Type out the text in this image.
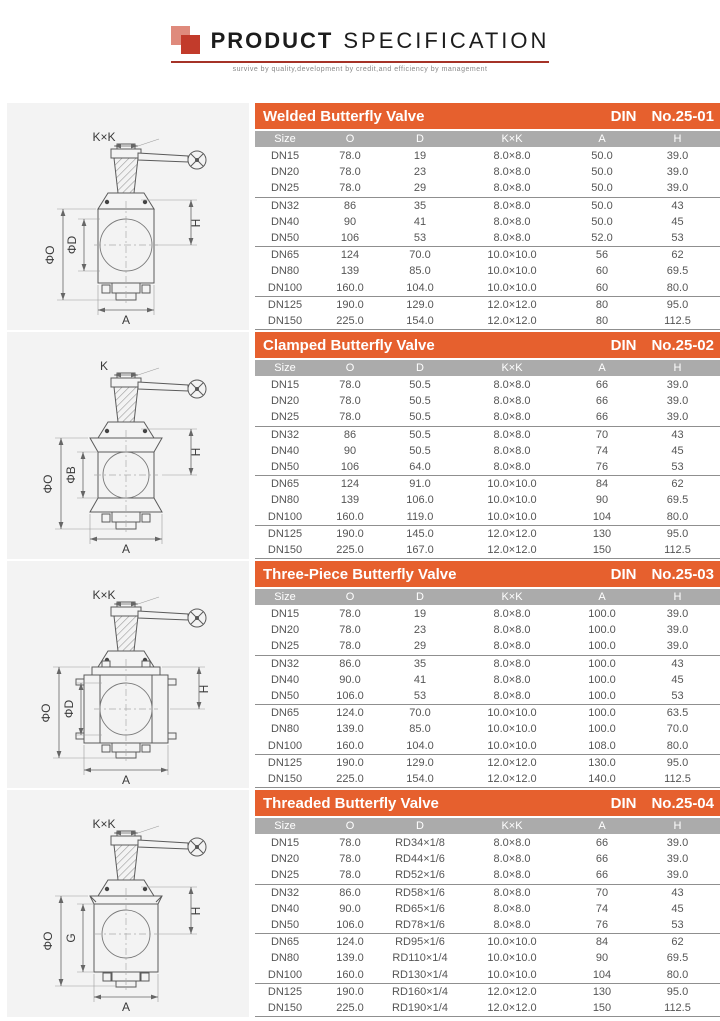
PRODUCT SPECIFICATION
survive by quality,development by credit,and efficiency by management
K×K
H
ΦO
ΦD
A
Welded Butterfly Valve	DIN No.25-01
Size	O	D	K×K	A	H
DN15	78.0	19	8.0×8.0	50.0	39.0
DN20	78.0	23	8.0×8.0	50.0	39.0
DN25	78.0	29	8.0×8.0	50.0	39.0
DN32	86	35	8.0×8.0	50.0	43
DN40	90	41	8.0×8.0	50.0	45
DN50	106	53	8.0×8.0	52.0	53
DN65	124	70.0	10.0×10.0	56	62
DN80	139	85.0	10.0×10.0	60	69.5
DN100	160.0	104.0	10.0×10.0	60	80.0
DN125	190.0	129.0	12.0×12.0	80	95.0
DN150	225.0	154.0	12.0×12.0	80	112.5
K
H
ΦO ΦB
A
Clamped Butterfly Valve	DIN No.25-02
Size	O	D	K×K	A	H
DN15	78.0	50.5	8.0×8.0	66	39.0
DN20	78.0	50.5	8.0×8.0	66	39.0
DN25	78.0	50.5	8.0×8.0	66	39.0
DN32	86	50.5	8.0×8.0	70	43
DN40	90	50.5	8.0×8.0	74	45
DN50	106	64.0	8.0×8.0	76	53
DN65	124	91.0	10.0×10.0	84	62
DN80	139	106.0	10.0×10.0	90	69.5
DN100	160.0	119.0	10.0×10.0	104	80.0
DN125	190.0	145.0	12.0×12.0	130	95.0
DN150	225.0	167.0	12.0×12.0	150	112.5
K×K
H
ΦO ΦD
A
Three-Piece Butterfly Valve	DIN No.25-03
Size	O	D	K×K	A	H
DN15	78.0	19	8.0×8.0	100.0	39.0
DN20	78.0	23	8.0×8.0	100.0	39.0
DN25	78.0	29	8.0×8.0	100.0	39.0
DN32	86.0	35	8.0×8.0	100.0	43
DN40	90.0	41	8.0×8.0	100.0	45
DN50	106.0	53	8.0×8.0	100.0	53
DN65	124.0	70.0	10.0×10.0	100.0	63.5
DN80	139.0	85.0	10.0×10.0	100.0	70.0
DN100	160.0	104.0	10.0×10.0	108.0	80.0
DN125	190.0	129.0	12.0×12.0	130.0	95.0
DN150	225.0	154.0	12.0×12.0	140.0	112.5
K×K
H
ΦO G
A
Threaded Butterfly Valve	DIN No.25-04
Size	O	D	K×K	A	H
DN15	78.0	RD34×1/8	8.0×8.0	66	39.0
DN20	78.0	RD44×1/6	8.0×8.0	66	39.0
DN25	78.0	RD52×1/6	8.0×8.0	66	39.0
DN32	86.0	RD58×1/6	8.0×8.0	70	43
DN40	90.0	RD65×1/6	8.0×8.0	74	45
DN50	106.0	RD78×1/6	8.0×8.0	76	53
DN65	124.0	RD95×1/6	10.0×10.0	84	62
DN80	139.0	RD110×1/4	10.0×10.0	90	69.5
DN100	160.0	RD130×1/4	10.0×10.0	104	80.0
DN125	190.0	RD160×1/4	12.0×12.0	130	95.0
DN150	225.0	RD190×1/4	12.0×12.0	150	112.5
